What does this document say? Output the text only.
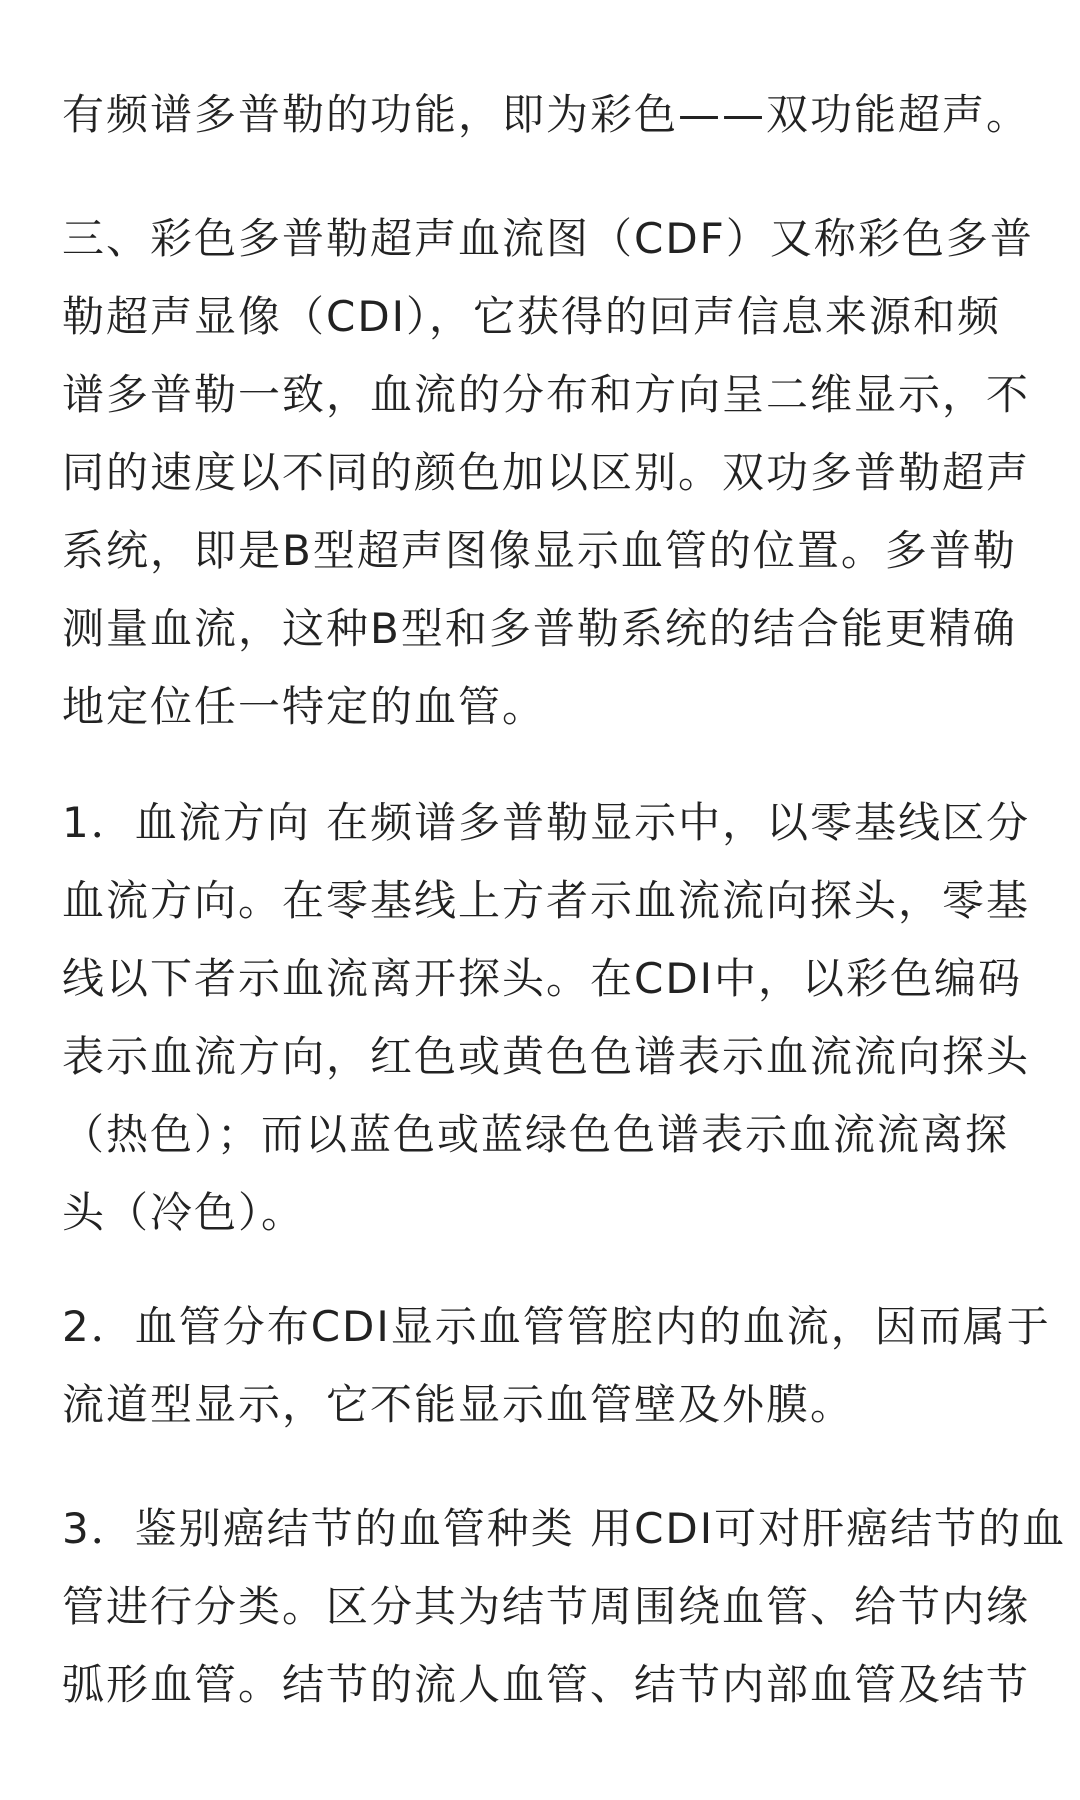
有频谱多普勒的功能，即为彩色——双功能超声。
三、彩色多普勒超声血流图（CDF）又称彩色多普
勒超声显像（CDI），它获得的回声信息来源和频
谱多普勒一致，血流的分布和方向呈二维显示，不
同的速度以不同的颜色加以区别。双功多普勒超声
系统，即是B型超声图像显示血管的位置。多普勒
测量血流，这种B型和多普勒系统的结合能更精确
地定位任一特定的血管。
1．血流方向 在频谱多普勒显示中，以零基线区分
血流方向。在零基线上方者示血流流向探头，零基
线以下者示血流离开探头。在CDI中，以彩色编码
表示血流方向，红色或黄色色谱表示血流流向探头
（热色）；而以蓝色或蓝绿色色谱表示血流流离探
头（冷色）。
2．血管分布CDI显示血管管腔内的血流，因而属于
流道型显示，它不能显示血管壁及外膜。
3．鉴别癌结节的血管种类 用CDI可对肝癌结节的血
管进行分类。区分其为结节周围绕血管、给节内缘
弧形血管。结节的流人血管、结节内部血管及结节
